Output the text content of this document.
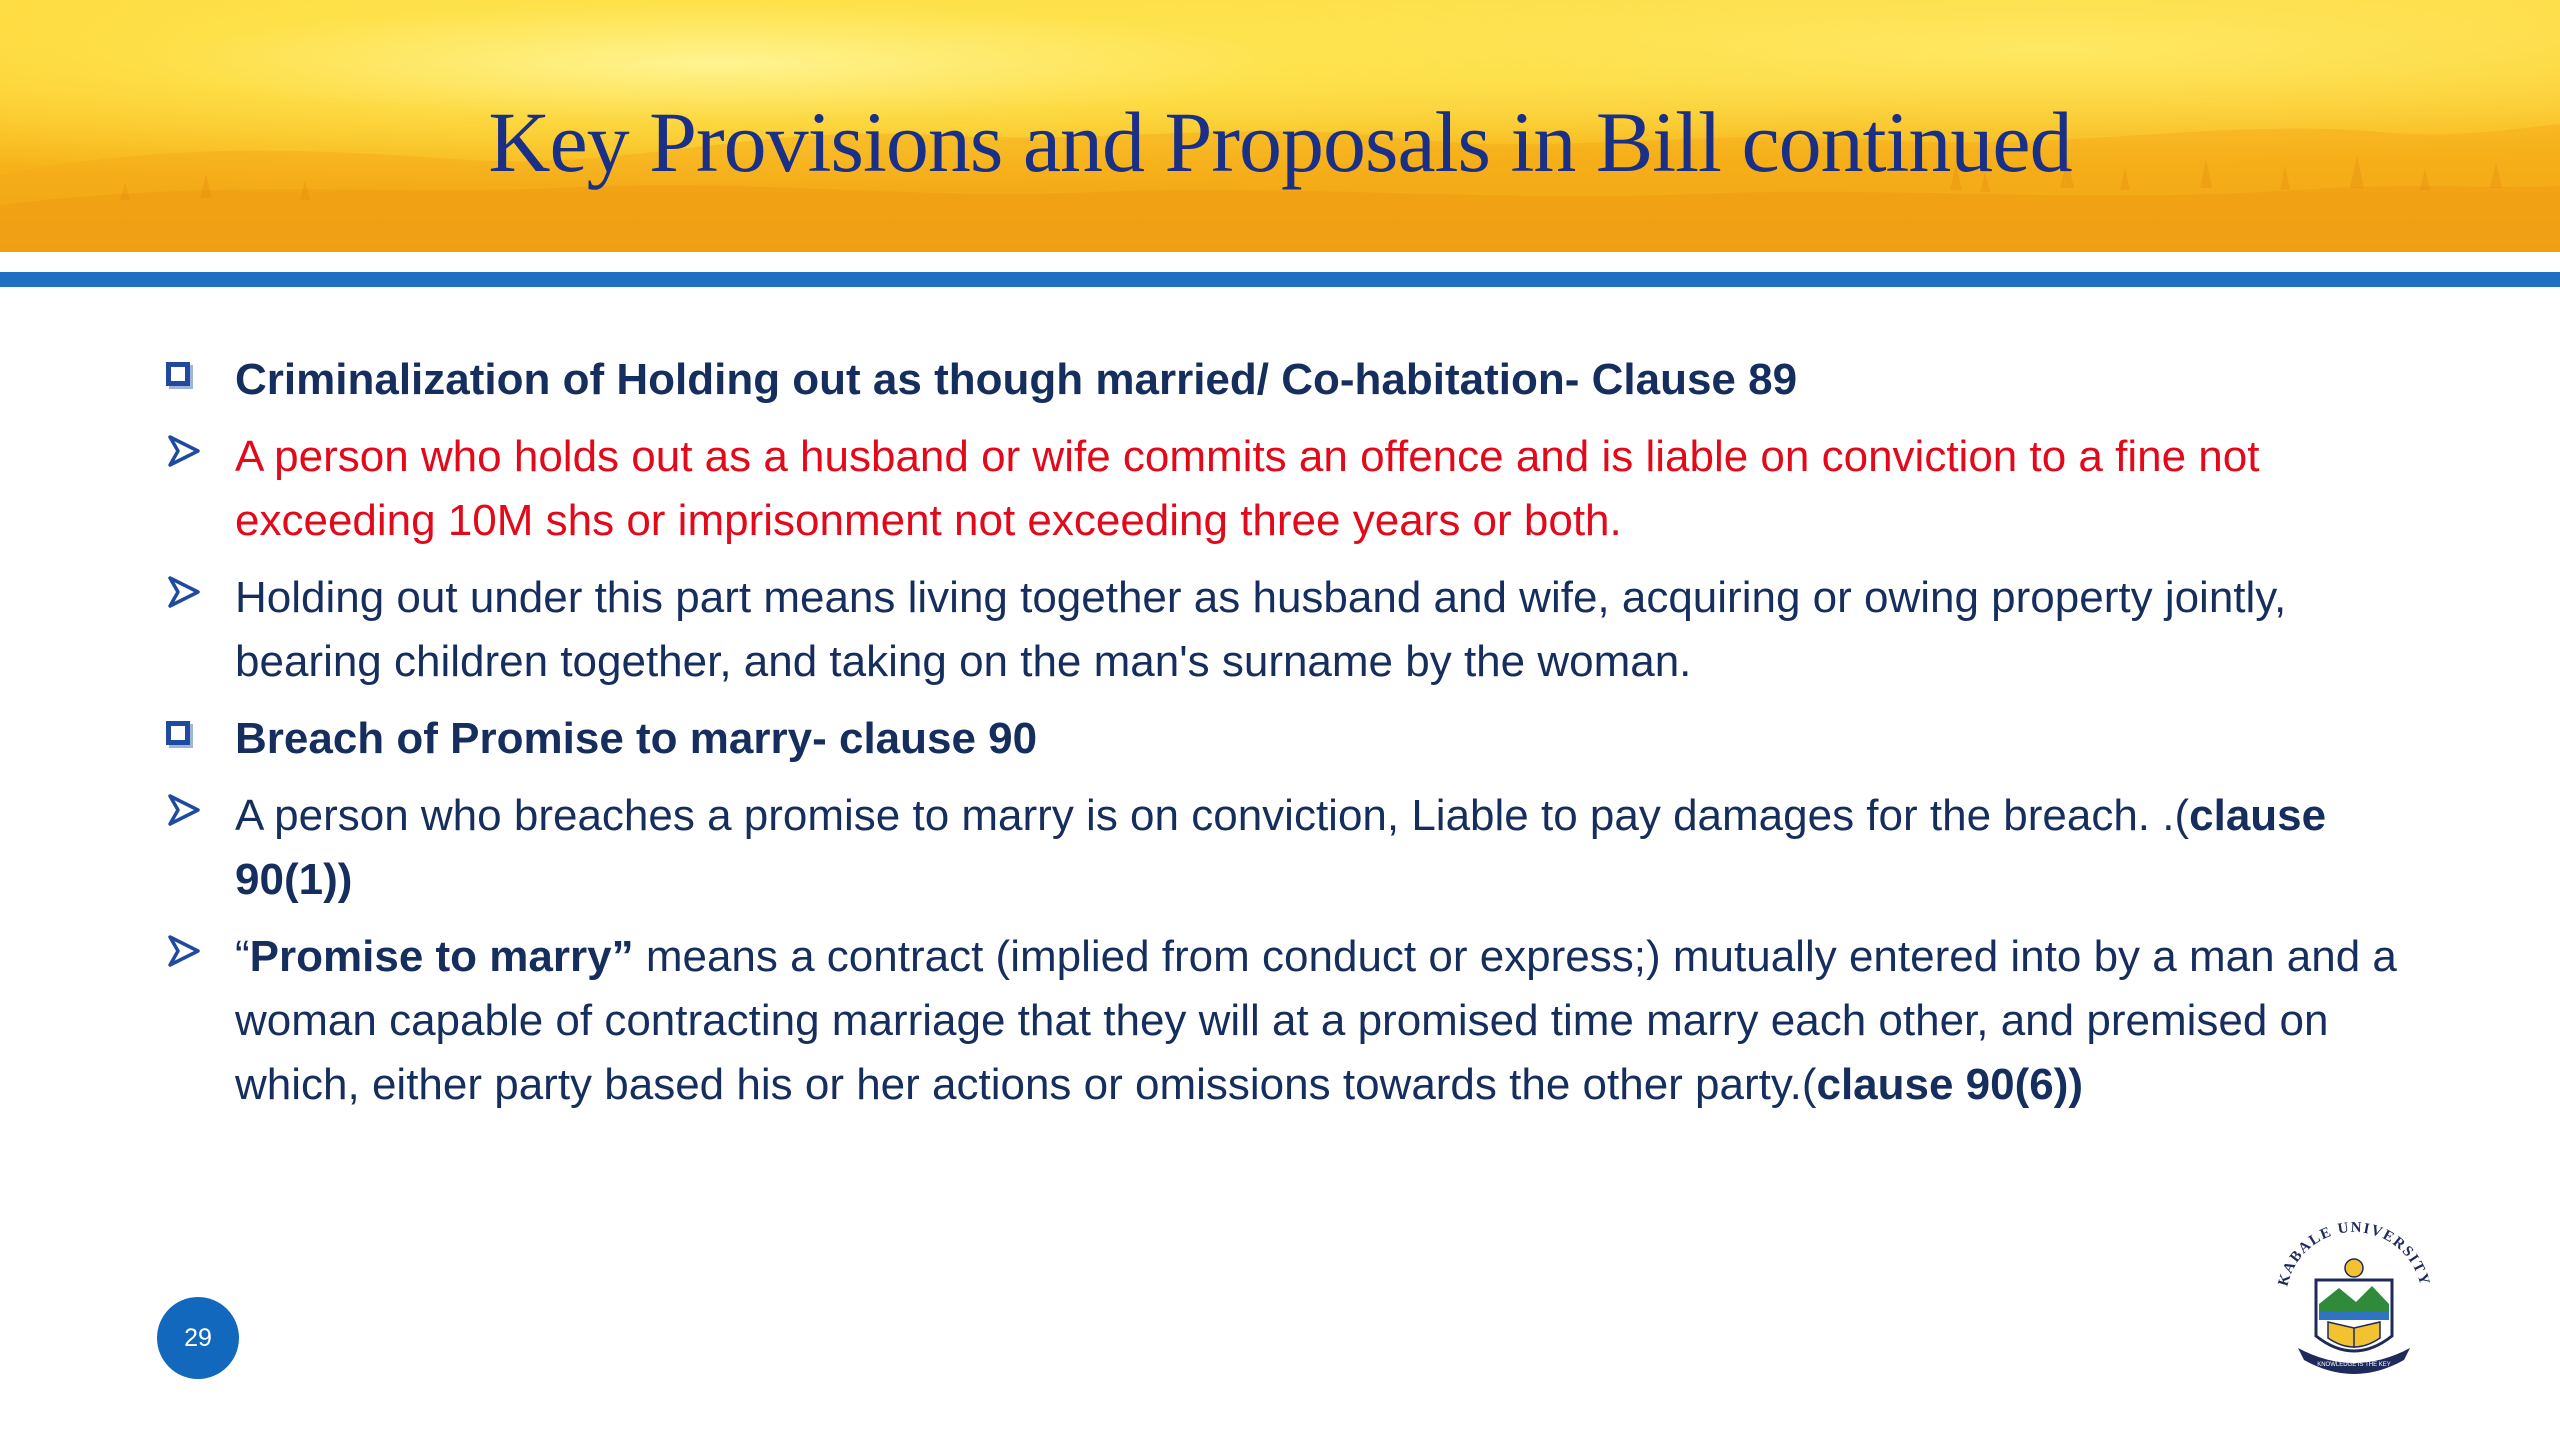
Key Provisions and Proposals in Bill continued
Criminalization of Holding out as though married/ Co-habitation- Clause 89
A person who holds out as a husband or wife commits an offence and is liable on conviction to a fine not exceeding 10M shs or imprisonment not exceeding three years or both.
Holding out under this part means living together as husband and wife, acquiring or owing property jointly, bearing children together, and taking on the man's surname by the woman.
Breach of Promise to marry- clause 90
A person who breaches a promise to marry is on conviction, Liable to pay damages for the breach. .(clause 90(1))
“Promise to marry” means a contract (implied from conduct or express;) mutually entered into by a man and a woman capable of contracting marriage that they will at a promised time marry each other, and premised on which, either party based his or her actions or omissions towards the other party.(clause 90(6))
29
KABALE UNIVERSITY
KNOWLEDGE IS THE KEY
